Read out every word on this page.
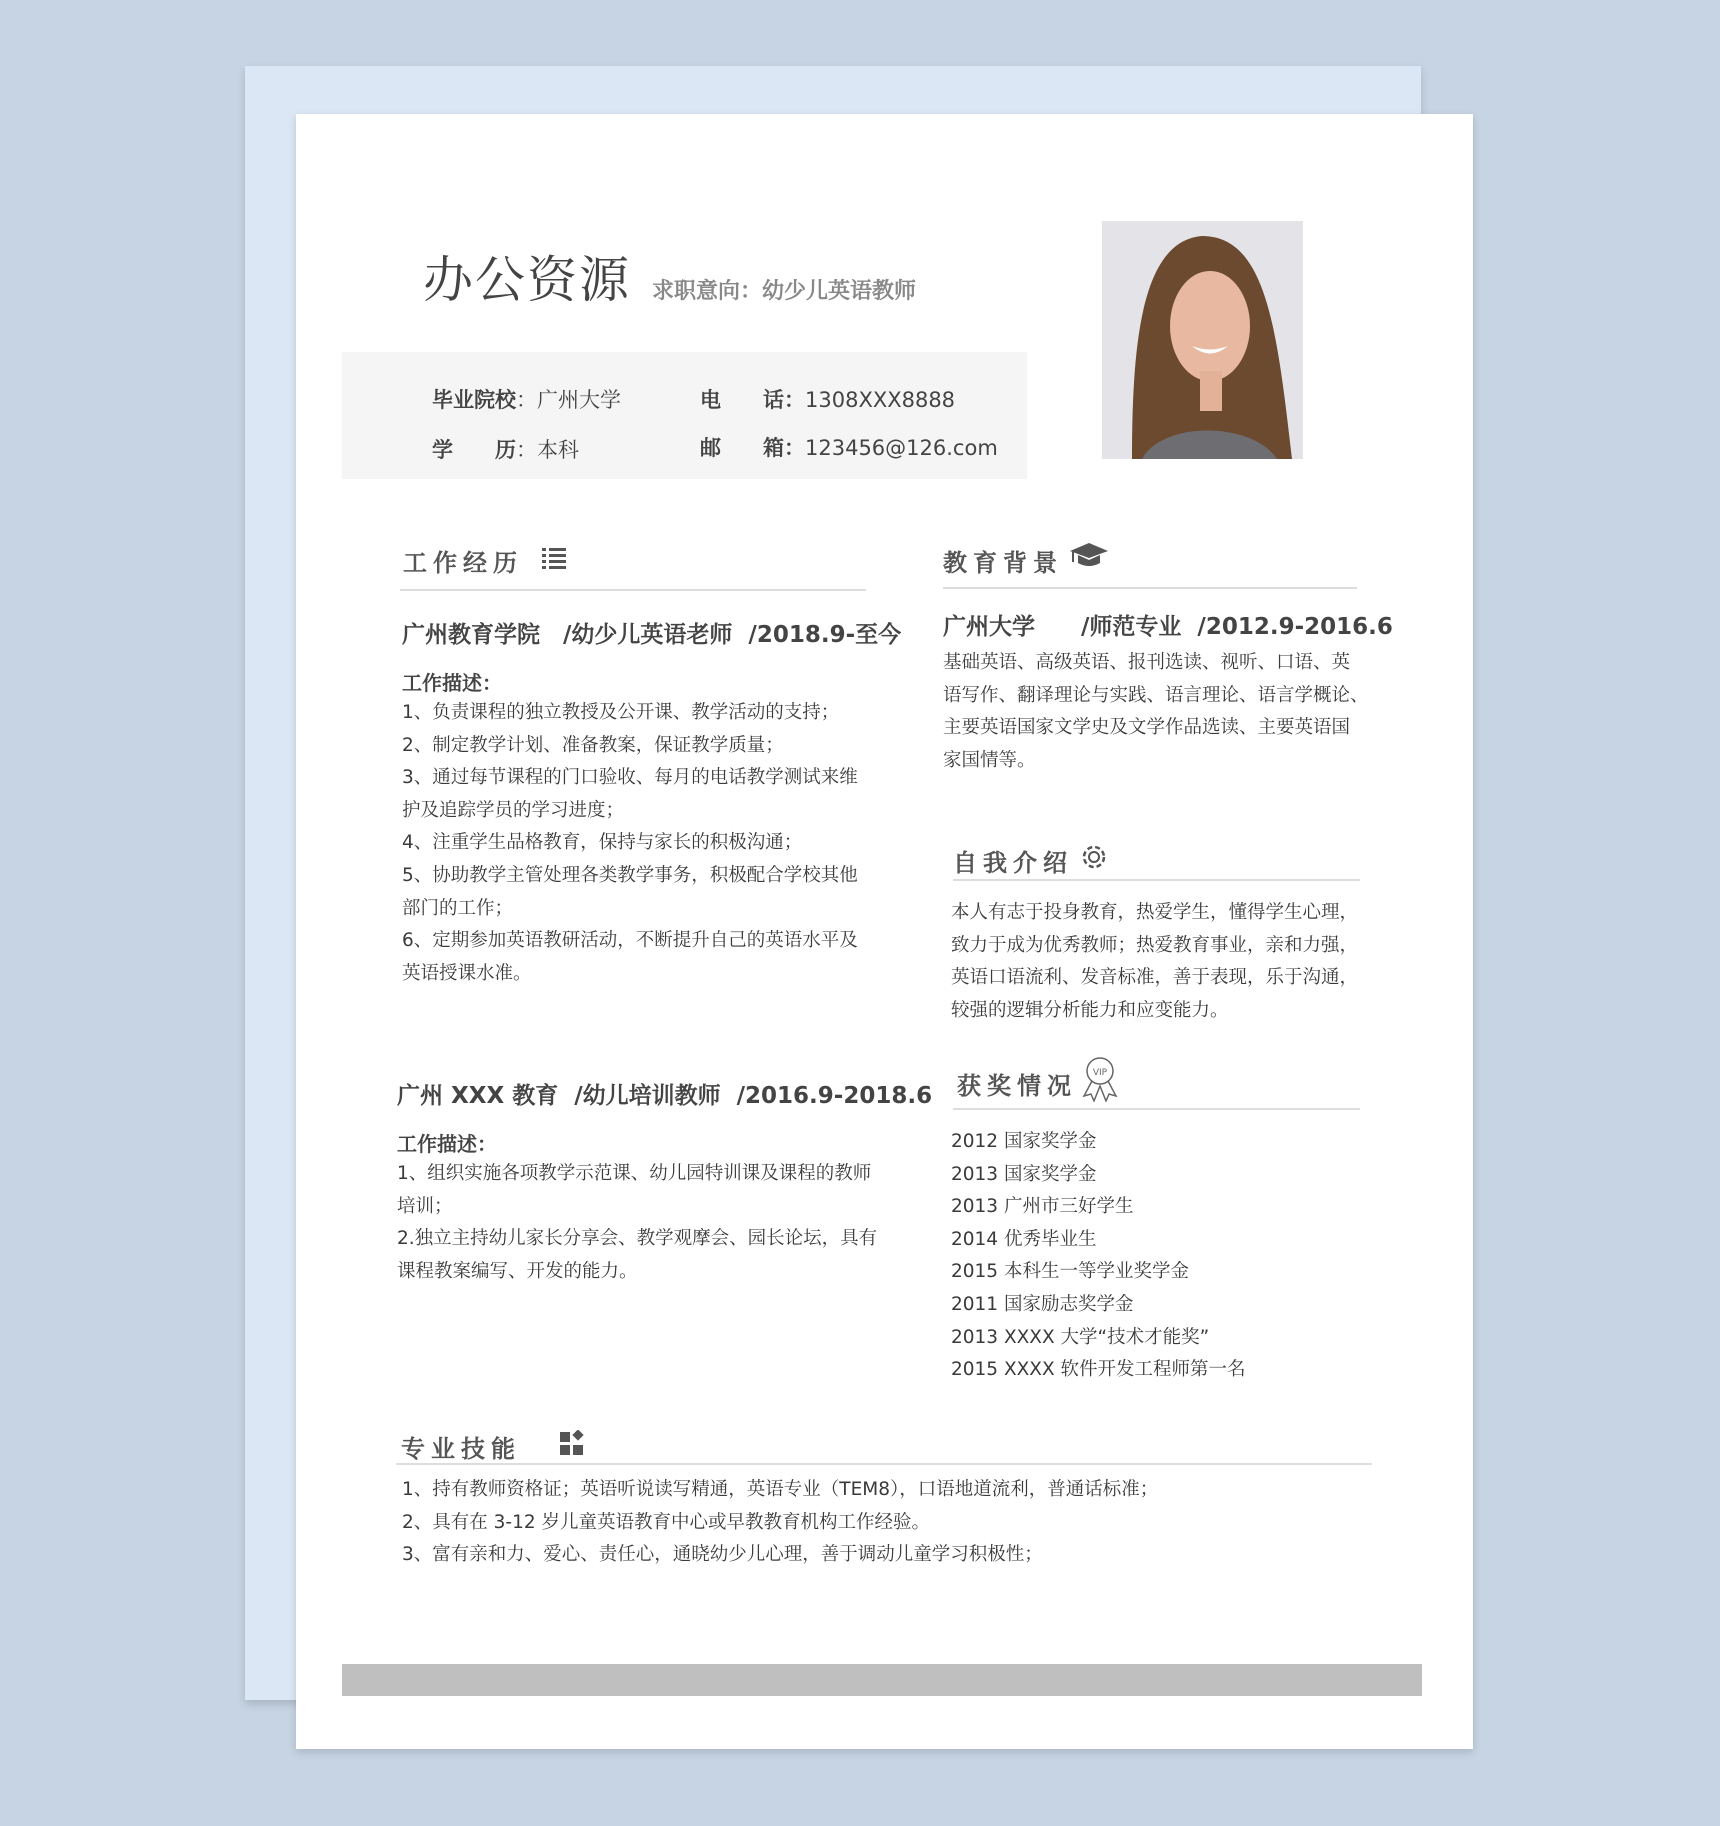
办公资源 求职意向：幼少儿英语教师
毕业院校：广州大学
学　　历：本科
电　　话：1308XXX8888
邮　　箱：123456@126.com
工作经历
广州教育学院　/幼少儿英语老师  /2018.9-至今
工作描述：
1、负责课程的独立教授及公开课、教学活动的支持；
2、制定教学计划、准备教案，保证教学质量；
3、通过每节课程的门口验收、每月的电话教学测试来维
护及追踪学员的学习进度；
4、注重学生品格教育，保持与家长的积极沟通；
5、协助教学主管处理各类教学事务，积极配合学校其他
部门的工作；
6、定期参加英语教研活动，不断提升自己的英语水平及
英语授课水准。
广州 XXX 教育  /幼儿培训教师  /2016.9-2018.6
工作描述：
1、组织实施各项教学示范课、幼儿园特训课及课程的教师
培训；
2.独立主持幼儿家长分享会、教学观摩会、园长论坛，具有
课程教案编写、开发的能力。
教育背景
广州大学　　/师范专业  /2012.9-2016.6
基础英语、高级英语、报刊选读、视听、口语、英
语写作、翻译理论与实践、语言理论、语言学概论、
主要英语国家文学史及文学作品选读、主要英语国
家国情等。
自我介绍
本人有志于投身教育，热爱学生，懂得学生心理，
致力于成为优秀教师；热爱教育事业，亲和力强，
英语口语流利、发音标准，善于表现，乐于沟通，
较强的逻辑分析能力和应变能力。
获奖情况 VIP
2012 国家奖学金
2013 国家奖学金
2013 广州市三好学生
2014 优秀毕业生
2015 本科生一等学业奖学金
2011 国家励志奖学金
2013 XXXX 大学“技术才能奖”
2015 XXXX 软件开发工程师第一名
专业技能
1、持有教师资格证；英语听说读写精通，英语专业（TEM8），口语地道流利，普通话标准；
2、具有在 3-12 岁儿童英语教育中心或早教教育机构工作经验。
3、富有亲和力、爱心、责任心，通晓幼少儿心理，善于调动儿童学习积极性；
